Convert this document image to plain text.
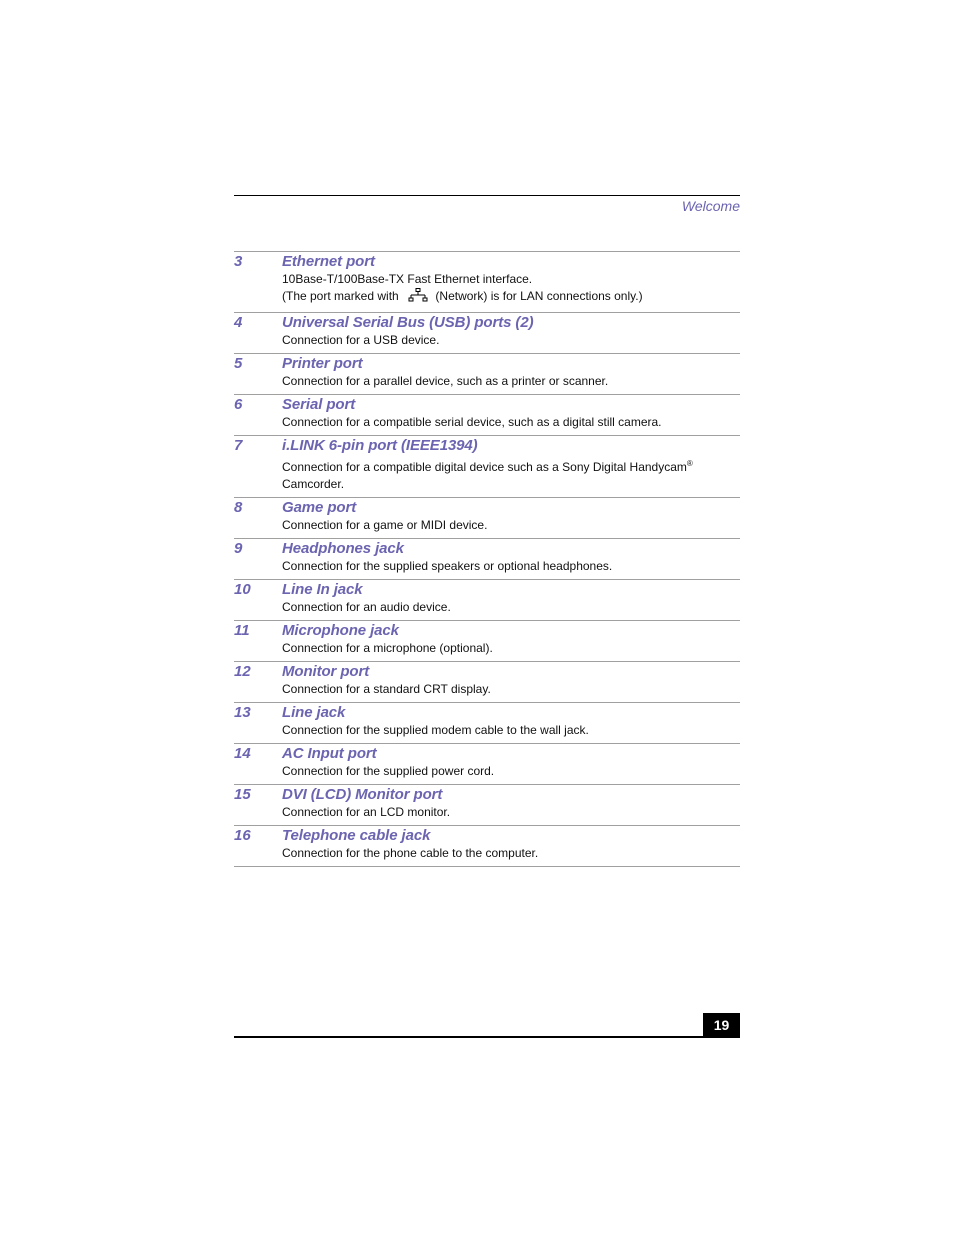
Welcome
3	Ethernet port
10Base-T/100Base-TX Fast Ethernet interface.
(The port marked with	(Network) is for LAN connections only.)
4	Universal Serial Bus (USB) ports (2)
Connection for a USB device.
5	Printer port
Connection for a parallel device, such as a printer or scanner.
6	Serial port
Connection for a compatible serial device, such as a digital still camera.
7	i.LINK 6-pin port (IEEE1394)
Connection for a compatible digital device such as a Sony Digital Handycam®
Camcorder.
8	Game port
Connection for a game or MIDI device.
9	Headphones jack
Connection for the supplied speakers or optional headphones.
10 Line In jack
Connection for an audio device.
11 Microphone jack
Connection for a microphone (optional).
12 Monitor port
Connection for a standard CRT display.
13 Line jack
Connection for the supplied modem cable to the wall jack.
14 AC Input port
Connection for the supplied power cord.
15 DVI (LCD) Monitor port
Connection for an LCD monitor.
16 Telephone cable jack
Connection for the phone cable to the computer.
19
